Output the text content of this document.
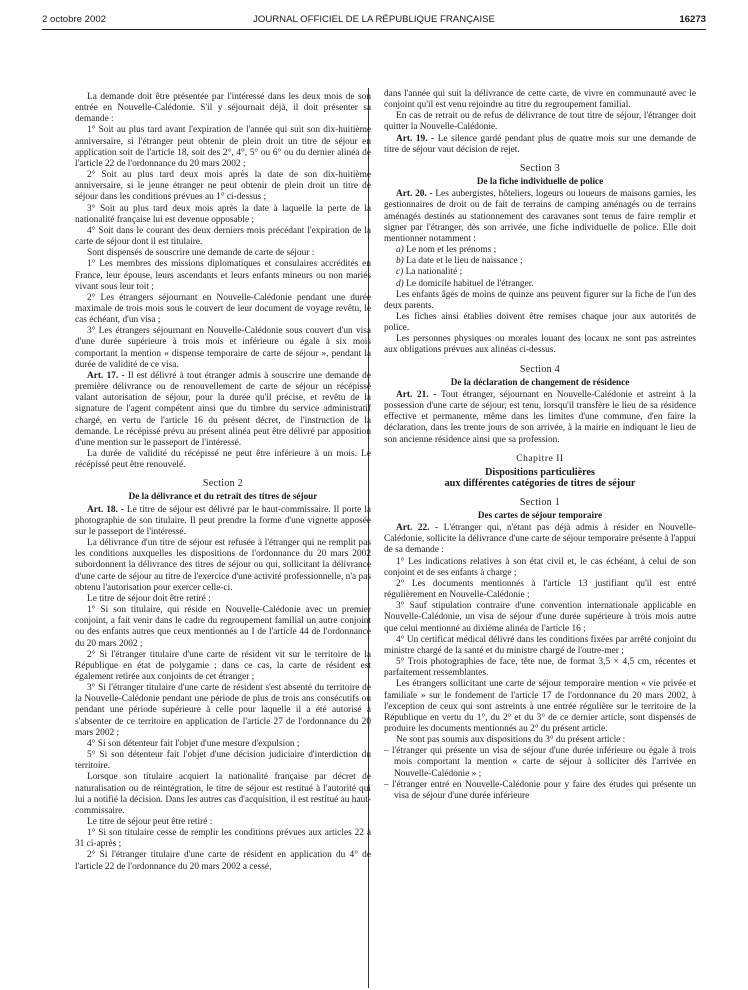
2 octobre 2002	JOURNAL OFFICIEL DE LA RÉPUBLIQUE FRANÇAISE	16273

La demande doit être présentée par l'intéressé dans les deux mois de son entrée en Nouvelle-Calédonie. S'il y séjournait déjà, il doit présenter sa demande :

1° Soit au plus tard avant l'expiration de l'année qui suit son dix-huitième anniversaire, si l'étranger peut obtenir de plein droit un titre de séjour en application soit de l'article 18, soit des 2°, 4°, 5° ou 6° ou du dernier alinéa de l'article 22 de l'ordonnance du 20 mars 2002 ;

2° Soit au plus tard deux mois après la date de son dix-huitième anniversaire, si le jeune étranger ne peut obtenir de plein droit un titre de séjour dans les conditions prévues au 1° ci-dessus ;

3° Soit au plus tard deux mois après la date à laquelle la perte de la nationalité française lui est devenue opposable ;

4° Soit dans le courant des deux derniers mois précédant l'expiration de la carte de séjour dont il est titulaire.

Sont dispensés de souscrire une demande de carte de séjour :

1° Les membres des missions diplomatiques et consulaires accrédités en France, leur épouse, leurs ascendants et leurs enfants mineurs ou non mariés vivant sous leur toit ;

2° Les étrangers séjournant en Nouvelle-Calédonie pendant une durée maximale de trois mois sous le couvert de leur document de voyage revêtu, le cas échéant, d'un visa ;

3° Les étrangers séjournant en Nouvelle-Calédonie sous couvert d'un visa d'une durée supérieure à trois mois et inférieure ou égale à six mois comportant la mention « dispense temporaire de carte de séjour », pendant la durée de validité de ce visa.

Art. 17. - Il est délivré à tout étranger admis à souscrire une demande de première délivrance ou de renouvellement de carte de séjour un récépissé valant autorisation de séjour, pour la durée qu'il précise, et revêtu de la signature de l'agent compétent ainsi que du timbre du service administratif chargé, en vertu de l'article 16 du présent décret, de l'instruction de la demande. Le récépissé prévu au présent alinéa peut être délivré par apposition d'une mention sur le passeport de l'intéressé.

La durée de validité du récépissé ne peut être inférieure à un mois. Le récépissé peut être renouvelé.

Section 2
De la délivrance et du retrait des titres de séjour

Art. 18. - Le titre de séjour est délivré par le haut-commissaire. Il porte la photographie de son titulaire. Il peut prendre la forme d'une vignette apposée sur le passeport de l'intéressé.

La délivrance d'un titre de séjour est refusée à l'étranger qui ne remplit pas les conditions auxquelles les dispositions de l'ordonnance du 20 mars 2002 subordonnent la délivrance des titres de séjour ou qui, sollicitant la délivrance d'une carte de séjour au titre de l'exercice d'une activité professionnelle, n'a pas obtenu l'autorisation pour exercer celle-ci.

Le titre de séjour doit être retiré :

1° Si son titulaire, qui réside en Nouvelle-Calédonie avec un premier conjoint, a fait venir dans le cadre du regroupement familial un autre conjoint ou des enfants autres que ceux mentionnés au I de l'article 44 de l'ordonnance du 20 mars 2002 ;

2° Si l'étranger titulaire d'une carte de résident vit sur le territoire de la République en état de polygamie ; dans ce cas, la carte de résident est également retirée aux conjoints de cet étranger ;

3° Si l'étranger titulaire d'une carte de résident s'est absenté du territoire de la Nouvelle-Calédonie pendant une période de plus de trois ans consécutifs ou pendant une période supérieure à celle pour laquelle il a été autorisé à s'absenter de ce territoire en application de l'article 27 de l'ordonnance du 20 mars 2002 ;

4° Si son détenteur fait l'objet d'une mesure d'expulsion ;

5° Si son détenteur fait l'objet d'une décision judiciaire d'interdiction du territoire.

Lorsque son titulaire acquiert la nationalité française par décret de naturalisation ou de réintégration, le titre de séjour est restitué à l'autorité qui lui a notifié la décision. Dans les autres cas d'acquisition, il est restitué au haut-commissaire.

Le titre de séjour peut être retiré :

1° Si son titulaire cesse de remplir les conditions prévues aux articles 22 à 31 ci-après ;

2° Si l'étranger titulaire d'une carte de résident en application du 4° de l'article 22 de l'ordonnance du 20 mars 2002 a cessé,

dans l'année qui suit la délivrance de cette carte, de vivre en communauté avec le conjoint qu'il est venu rejoindre au titre du regroupement familial.

En cas de retrait ou de refus de délivrance de tout titre de séjour, l'étranger doit quitter la Nouvelle-Calédonie.

Art. 19. - Le silence gardé pendant plus de quatre mois sur une demande de titre de séjour vaut décision de rejet.

Section 3
De la fiche individuelle de police

Art. 20. - Les aubergistes, hôteliers, logeurs ou loueurs de maisons garnies, les gestionnaires de droit ou de fait de terrains de camping aménagés ou de terrains aménagés destinés au stationnement des caravanes sont tenus de faire remplir et signer par l'étranger, dès son arrivée, une fiche individuelle de police. Elle doit mentionner notamment :

a) Le nom et les prénoms ;

b) La date et le lieu de naissance ;

c) La nationalité ;

d) Le domicile habituel de l'étranger.

Les enfants âgés de moins de quinze ans peuvent figurer sur la fiche de l'un des deux parents.

Les fiches ainsi établies doivent être remises chaque jour aux autorités de police.

Les personnes physiques ou morales louant des locaux ne sont pas astreintes aux obligations prévues aux alinéas ci-dessus.

Section 4
De la déclaration de changement de résidence

Art. 21. - Tout étranger, séjournant en Nouvelle-Calédonie et astreint à la possession d'une carte de séjour, est tenu, lorsqu'il transfère le lieu de sa résidence effective et permanente, même dans les limites d'une commune, d'en faire la déclaration, dans les trente jours de son arrivée, à la mairie en indiquant le lieu de son ancienne résidence ainsi que sa profession.

Chapitre II
Dispositions particulières
aux différentes catégories de titres de séjour
Section 1
Des cartes de séjour temporaire

Art. 22. - L'étranger qui, n'étant pas déjà admis à résider en Nouvelle-Calédonie, sollicite la délivrance d'une carte de séjour temporaire présente à l'appui de sa demande :

1° Les indications relatives à son état civil et, le cas échéant, à celui de son conjoint et de ses enfants à charge ;

2° Les documents mentionnés à l'article 13 justifiant qu'il est entré régulièrement en Nouvelle-Calédonie ;

3° Sauf stipulation contraire d'une convention internationale applicable en Nouvelle-Calédonie, un visa de séjour d'une durée supérieure à trois mois autre que celui mentionné au dixième alinéa de l'article 16 ;

4° Un certificat médical délivré dans les conditions fixées par arrêté conjoint du ministre chargé de la santé et du ministre chargé de l'outre-mer ;

5° Trois photographies de face, tête nue, de format 3,5 × 4,5 cm, récentes et parfaitement ressemblantes.

Les étrangers sollicitant une carte de séjour temporaire mention « vie privée et familiale » sur le fondement de l'article 17 de l'ordonnance du 20 mars 2002, à l'exception de ceux qui sont astreints à une entrée régulière sur le territoire de la République en vertu du 1°, du 2° et du 3° de ce dernier article, sont dispensés de produire les documents mentionnés au 2° du présent article.

Ne sont pas soumis aux dispositions du 3° du présent article :

– l'étranger qui présente un visa de séjour d'une durée inférieure ou égale à trois mois comportant la mention « carte de séjour à solliciter dès l'arrivée en Nouvelle-Calédonie » ;

– l'étranger entré en Nouvelle-Calédonie pour y faire des études qui présente un visa de séjour d'une durée inférieure
